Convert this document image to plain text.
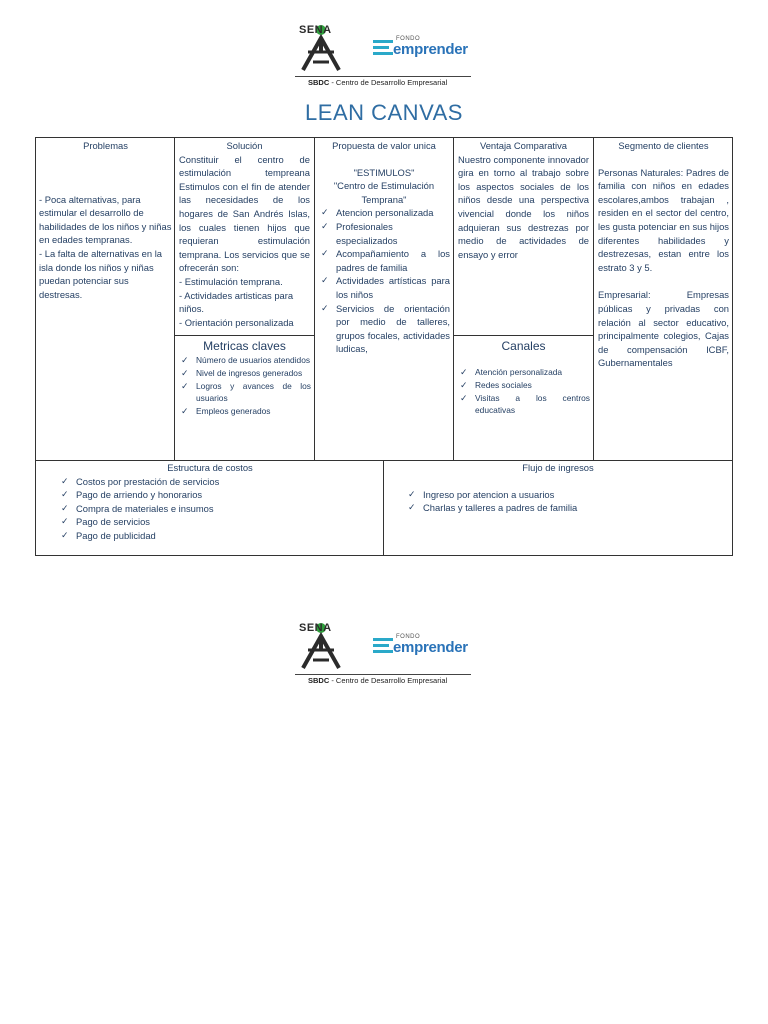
SENA
FONDO
emprender
SBDC - Centro de Desarrollo Empresarial
LEAN CANVAS
Problemas
- Poca alternativas, para estimular el desarrollo de habilidades de los niños y niñas en edades tempranas.
- La falta de alternativas en la isla donde los niños y niñas puedan potenciar sus destresas.
Solución
Constituir el centro de estimulación tempreana Estimulos con el fin de atender las necesidades de los hogares de San Andrés Islas, los cuales tienen hijos que requieran estimulación temprana. Los servicios que se ofrecerán son:
- Estimulación temprana.
- Actividades artisticas para niños.
- Orientación personalizada
Metricas claves
✓ Número de usuarios atendidos
✓ Nivel de ingresos generados
✓ Logros y avances de los usuarios
✓ Empleos generados
Propuesta de valor unica
"ESTIMULOS"
"Centro de Estimulación Temprana"
✓ Atencion personalizada
✓ Profesionales especializados
✓ Acompañamiento a los padres de familia
✓ Actividades artísticas para los niños
✓ Servicios de orientación por medio de talleres, grupos focales, actividades ludicas,
Ventaja Comparativa
Nuestro componente innovador gira en torno al trabajo sobre los aspectos sociales de los niños desde una perspectiva vivencial donde los niños adquieran sus destrezas por medio de actividades de ensayo y error
Canales
✓ Atención personalizada
✓ Redes sociales
✓ Visitas a los centros educativas
Segmento de clientes
Personas Naturales: Padres de familia con niños en edades escolares,ambos trabajan , residen en el sector del centro, les gusta potenciar en sus hijos diferentes habilidades y destrezesas, estan entre los estrato 3 y 5.
Empresarial: Empresas públicas y privadas con relación al sector educativo, principalmente colegios, Cajas de compensación ICBF, Gubernamentales
Estructura de costos
✓ Costos por prestación de servicios
✓ Pago de arriendo y honorarios
✓ Compra de materiales e insumos
✓ Pago de servicios
✓ Pago de publicidad
Flujo de ingresos
✓ Ingreso por atencion a usuarios
✓ Charlas y talleres a padres de familia
SENA
FONDO
emprender
SBDC - Centro de Desarrollo Empresarial
